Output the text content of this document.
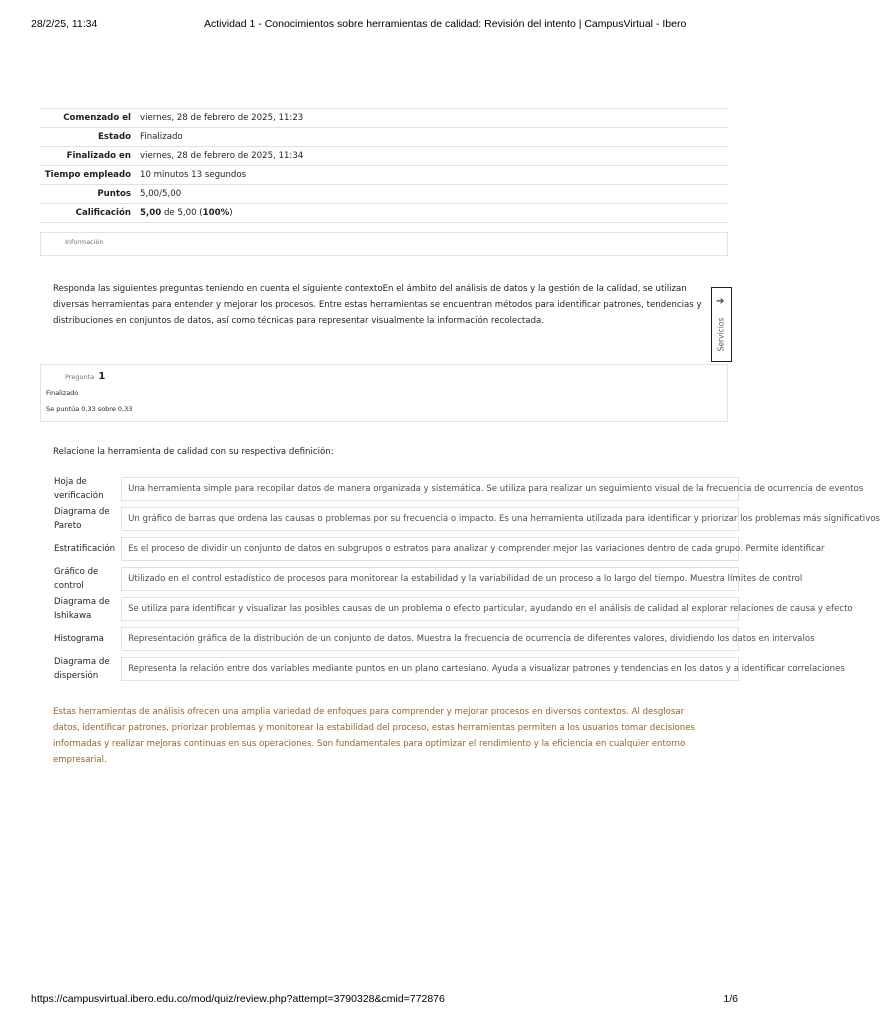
28/2/25, 11:34	Actividad 1 - Conocimientos sobre herramientas de calidad: Revisión del intento | CampusVirtual - Ibero
Comenzado el	viernes, 28 de febrero de 2025, 11:23
Estado	Finalizado
Finalizado en	viernes, 28 de febrero de 2025, 11:34
Tiempo empleado	10 minutos 13 segundos
Puntos	5,00/5,00
Calificación	5,00 de 5,00 (100%)
Información
Responda las siguientes preguntas teniendo en cuenta el siguiente contextoEn el ámbito del análisis de datos y la gestión de la calidad, se utilizan diversas herramientas para entender y mejorar los procesos. Entre estas herramientas se encuentran métodos para identificar patrones, tendencias y distribuciones en conjuntos de datos, así como técnicas para representar visualmente la información recolectada.
➔
Servicios
Pregunta 1
Finalizado
Se puntúa 0,33 sobre 0,33
Relacione la herramienta de calidad con su respectiva definición:
Hoja de verificación	Una herramienta simple para recopilar datos de manera organizada y sistemática. Se utiliza para realizar un seguimiento visual de la frecuencia de ocurrencia de eventos

Diagrama de Pareto	Un gráfico de barras que ordena las causas o problemas por su frecuencia o impacto. Es una herramienta utilizada para identificar y priorizar los problemas más significativos

Estratificación	Es el proceso de dividir un conjunto de datos en subgrupos o estratos para analizar y comprender mejor las variaciones dentro de cada grupo. Permite identificar

Gráfico de control	Utilizado en el control estadístico de procesos para monitorear la estabilidad y la variabilidad de un proceso a lo largo del tiempo. Muestra límites de control

Diagrama de Ishikawa	Se utiliza para identificar y visualizar las posibles causas de un problema o efecto particular, ayudando en el análisis de calidad al explorar relaciones de causa y efecto

Histograma	Representación gráfica de la distribución de un conjunto de datos. Muestra la frecuencia de ocurrencia de diferentes valores, dividiendo los datos en intervalos

Diagrama de dispersión	Representa la relación entre dos variables mediante puntos en un plano cartesiano. Ayuda a visualizar patrones y tendencias en los datos y a identificar correlaciones
Estas herramientas de análisis ofrecen una amplia variedad de enfoques para comprender y mejorar procesos en diversos contextos. Al desglosar datos, identificar patrones, priorizar problemas y monitorear la estabilidad del proceso, estas herramientas permiten a los usuarios tomar decisiones informadas y realizar mejoras continuas en sus operaciones. Son fundamentales para optimizar el rendimiento y la eficiencia en cualquier entorno empresarial.
https://campusvirtual.ibero.edu.co/mod/quiz/review.php?attempt=3790328&cmid=772876	1/6
